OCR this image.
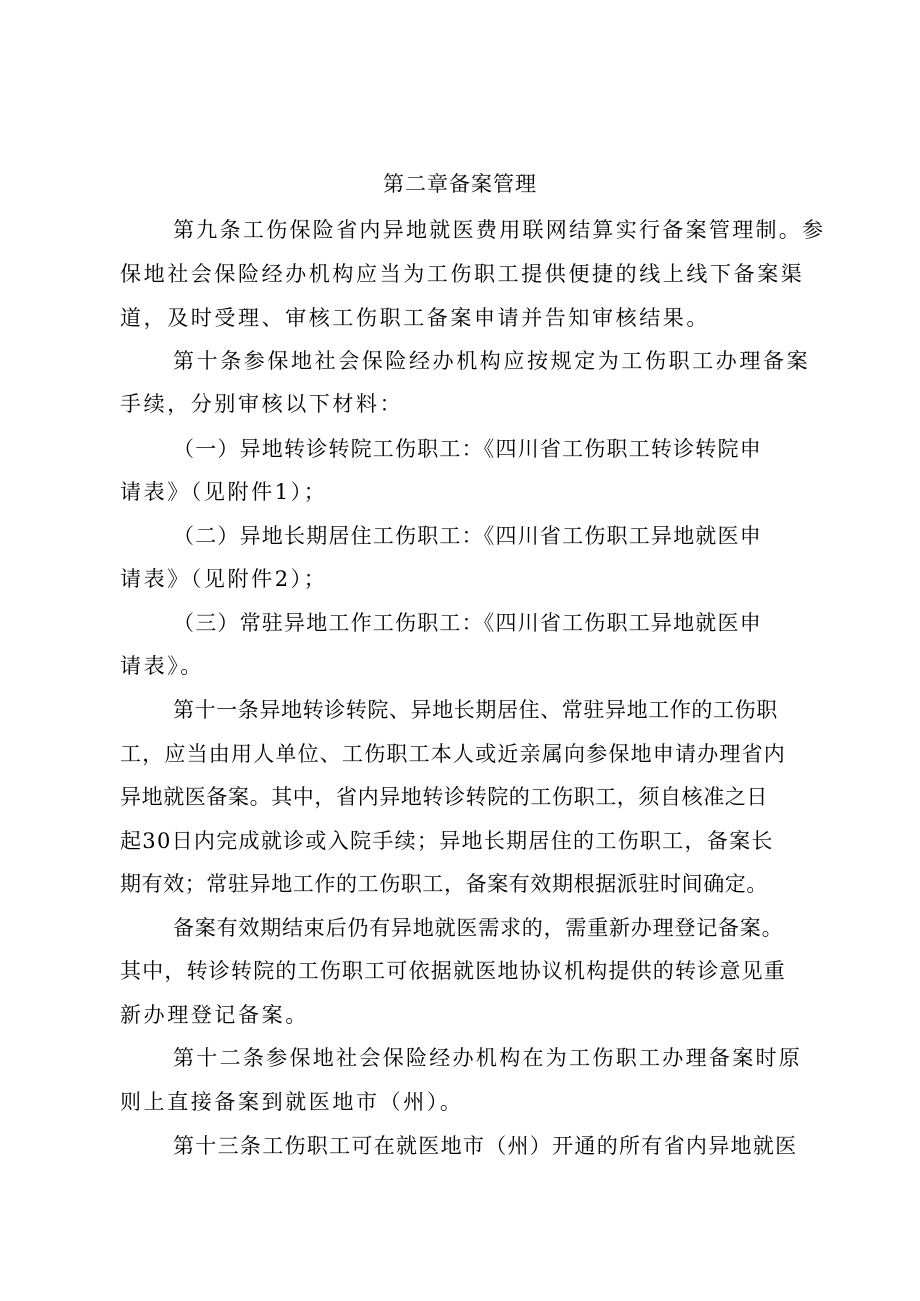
第二章备案管理
第九条工伤保险省内异地就医费用联网结算实行备案管理制。参
保地社会保险经办机构应当为工伤职工提供便捷的线上线下备案渠
道，及时受理、审核工伤职工备案申请并告知审核结果。
第十条参保地社会保险经办机构应按规定为工伤职工办理备案
手续，分别审核以下材料：
（一）异地转诊转院工伤职工：《四川省工伤职工转诊转院申
请表》（见附件1）；
（二）异地长期居住工伤职工：《四川省工伤职工异地就医申
请表》（见附件2）；
（三）常驻异地工作工伤职工：《四川省工伤职工异地就医申
请表》。
第十一条异地转诊转院、异地长期居住、常驻异地工作的工伤职
工，应当由用人单位、工伤职工本人或近亲属向参保地申请办理省内
异地就医备案。其中，省内异地转诊转院的工伤职工，须自核准之日
起30日内完成就诊或入院手续；异地长期居住的工伤职工，备案长
期有效；常驻异地工作的工伤职工，备案有效期根据派驻时间确定。
备案有效期结束后仍有异地就医需求的，需重新办理登记备案。
其中，转诊转院的工伤职工可依据就医地协议机构提供的转诊意见重
新办理登记备案。
第十二条参保地社会保险经办机构在为工伤职工办理备案时原
则上直接备案到就医地市（州）。
第十三条工伤职工可在就医地市（州）开通的所有省内异地就医
